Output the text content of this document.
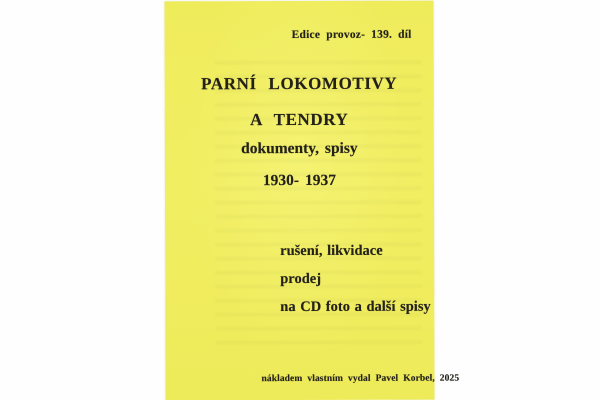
Edice provoz- 139. díl
PARNÍ LOKOMOTIVY
A TENDRY
dokumenty, spisy
1930- 1937
rušení, likvidace
prodej
na CD foto a další spisy
nákladem vlastním vydal Pavel Korbel, 2025
